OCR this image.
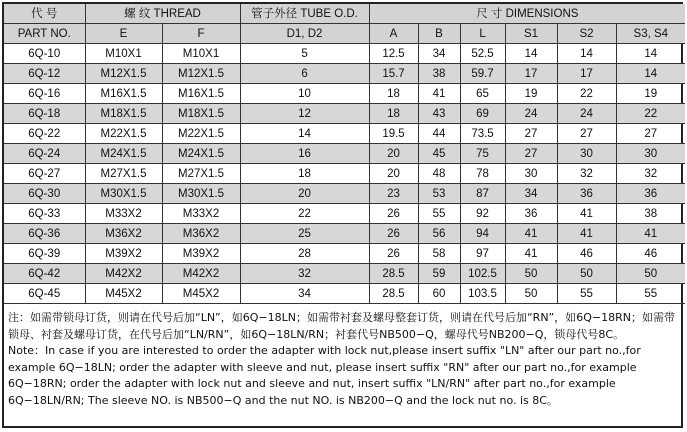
代 号	螺 纹 THREAD		管子外径 TUBE O.D.	尺 寸 DIMENSIONS					
PART NO.	E	F	D1, D2	A	B	L	S1	S2	S3, S4
6Q-10	M10X1	M10X1	5	12.5	34	52.5	14	14	14
6Q-12	M12X1.5	M12X1.5	6	15.7	38	59.7	17	17	14
6Q-16	M16X1.5	M16X1.5	10	18	41	65	19	22	19
6Q-18	M18X1.5	M18X1.5	12	18	43	69	24	24	22
6Q-22	M22X1.5	M22X1.5	14	19.5	44	73.5	27	27	27
6Q-24	M24X1.5	M24X1.5	16	20	45	75	27	30	30
6Q-27	M27X1.5	M27X1.5	18	20	48	78	30	32	32
6Q-30	M30X1.5	M30X1.5	20	23	53	87	34	36	36
6Q-33	M33X2	M33X2	22	26	55	92	36	41	38
6Q-36	M36X2	M36X2	25	26	56	94	41	41	41
6Q-39	M39X2	M39X2	28	26	58	97	41	46	46
6Q-42	M42X2	M42X2	32	28.5	59	102.5	50	50	50
6Q-45	M45X2	M45X2	34	28.5	60	103.5	50	55	55

注：如需带锁母订货，则请在代号后加“LN”，如6Q−18LN；如需带衬套及螺母整套订货，则请在代号后加“RN”，如6Q−18RN；如需带锁母、衬套及螺母订货，在代号后加“LN/RN”，如6Q−18LN/RN；衬套代号NB500−Q，螺母代号NB200−Q，锁母代号8C。

Note：In case if you are interested to order the adapter with lock nut,please insert suffix "LN" after our part no.,for example 6Q−18LN; order the adapter with sleeve and nut, please insert suffix "RN" after our part no.,for example 6Q−18RN; order the adapter with lock nut and sleeve and nut, insert suffix "LN/RN" after part no.,for example 6Q−18LN/RN; The sleeve NO. is NB500−Q and the nut NO. is NB200−Q and the lock nut no. is 8C。
